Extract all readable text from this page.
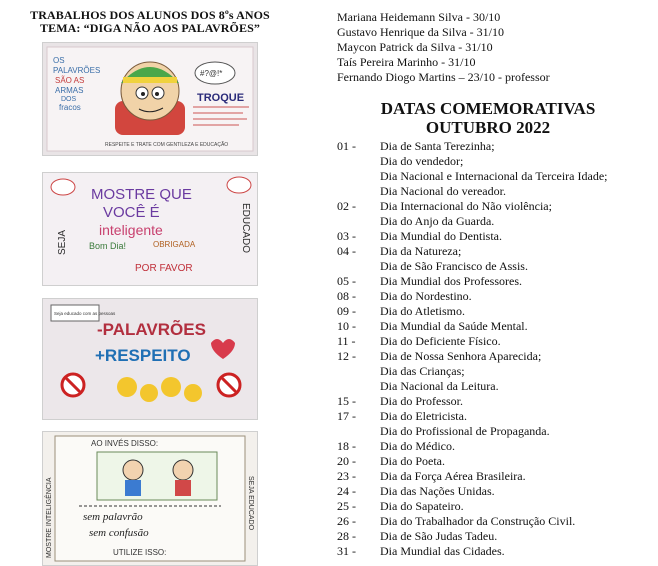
TRABALHOS DOS ALUNOS DOS 8ºs ANOS
TEMA: “DIGA NÃO AOS PALAVRÕES”
OS
PALAVRÕES
SÃO AS
ARMAS
DOS
fracos
#?@!*
TROQUE
RESPEITE E TRATE COM GENTILEZA E EDUCAÇÃO
MOSTRE QUE
VOCÊ É
inteligente
Bom Dia!	OBRIGADA
POR FAVOR
SEJA	EDUCADO
Seja educado com as pessoas
-PALAVRÕES
+RESPEITO
AO INVÉS DISSO:
sem palavrão
sem confusão
UTILIZE ISSO:
MOSTRE INTELIGÊNCIA	SEJA EDUCADO
Mariana Heidemann Silva - 30/10
Gustavo Henrique da Silva - 31/10
Maycon Patrick da Silva - 31/10
Taís Pereira Marinho - 31/10
Fernando Diogo Martins – 23/10 - professor
DATAS COMEMORATIVAS
OUTUBRO 2022
01 -	Dia de Santa Terezinha;
Dia do vendedor;
Dia Nacional e Internacional da Terceira Idade;
Dia Nacional do vereador.
02 -	Dia Internacional do Não violência;
Dia do Anjo da Guarda.
03 -	Dia Mundial do Dentista.
04 -	Dia da Natureza;
Dia de São Francisco de Assis.
05 -	Dia Mundial dos Professores.
08 -	Dia do Nordestino.
09 -	Dia do Atletismo.
10 -	Dia Mundial da Saúde Mental.
11 -	Dia do Deficiente Físico.
12 -	Dia de Nossa Senhora Aparecida;
Dia das Crianças;
Dia Nacional da Leitura.
15 -	Dia do Professor.
17 -	Dia do Eletricista.
Dia do Profissional de Propaganda.
18 -	Dia do Médico.
20 -	Dia do Poeta.
23 -	Dia da Força Aérea Brasileira.
24 -	Dia das Nações Unidas.
25 -	Dia do Sapateiro.
26 -	Dia do Trabalhador da Construção Civil.
28 -	Dia de São Judas Tadeu.
31 -	Dia Mundial das Cidades.
